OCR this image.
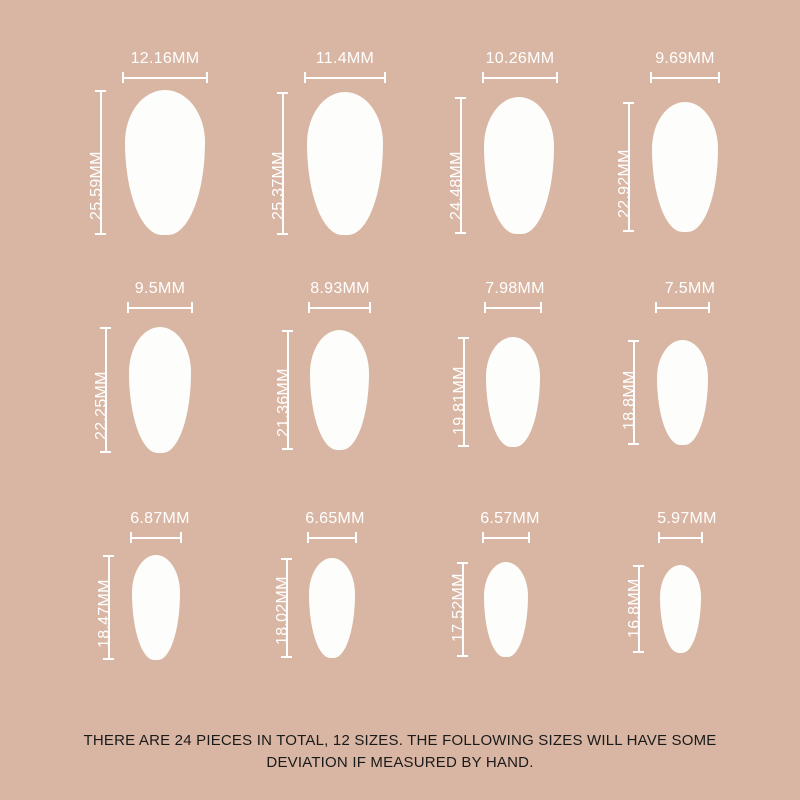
12.16MM
25.59MM
11.4MM
25.37MM
10.26MM
24.48MM
9.69MM
22.92MM
9.5MM
22.25MM
8.93MM
21.36MM
7.98MM
19.81MM
7.5MM
18.8MM
6.87MM
18.47MM
6.65MM
18.02MM
6.57MM
17.52MM
5.97MM
16.8MM
THERE ARE 24 PIECES IN TOTAL, 12 SIZES. THE FOLLOWING SIZES WILL HAVE SOME
DEVIATION IF MEASURED BY HAND.
